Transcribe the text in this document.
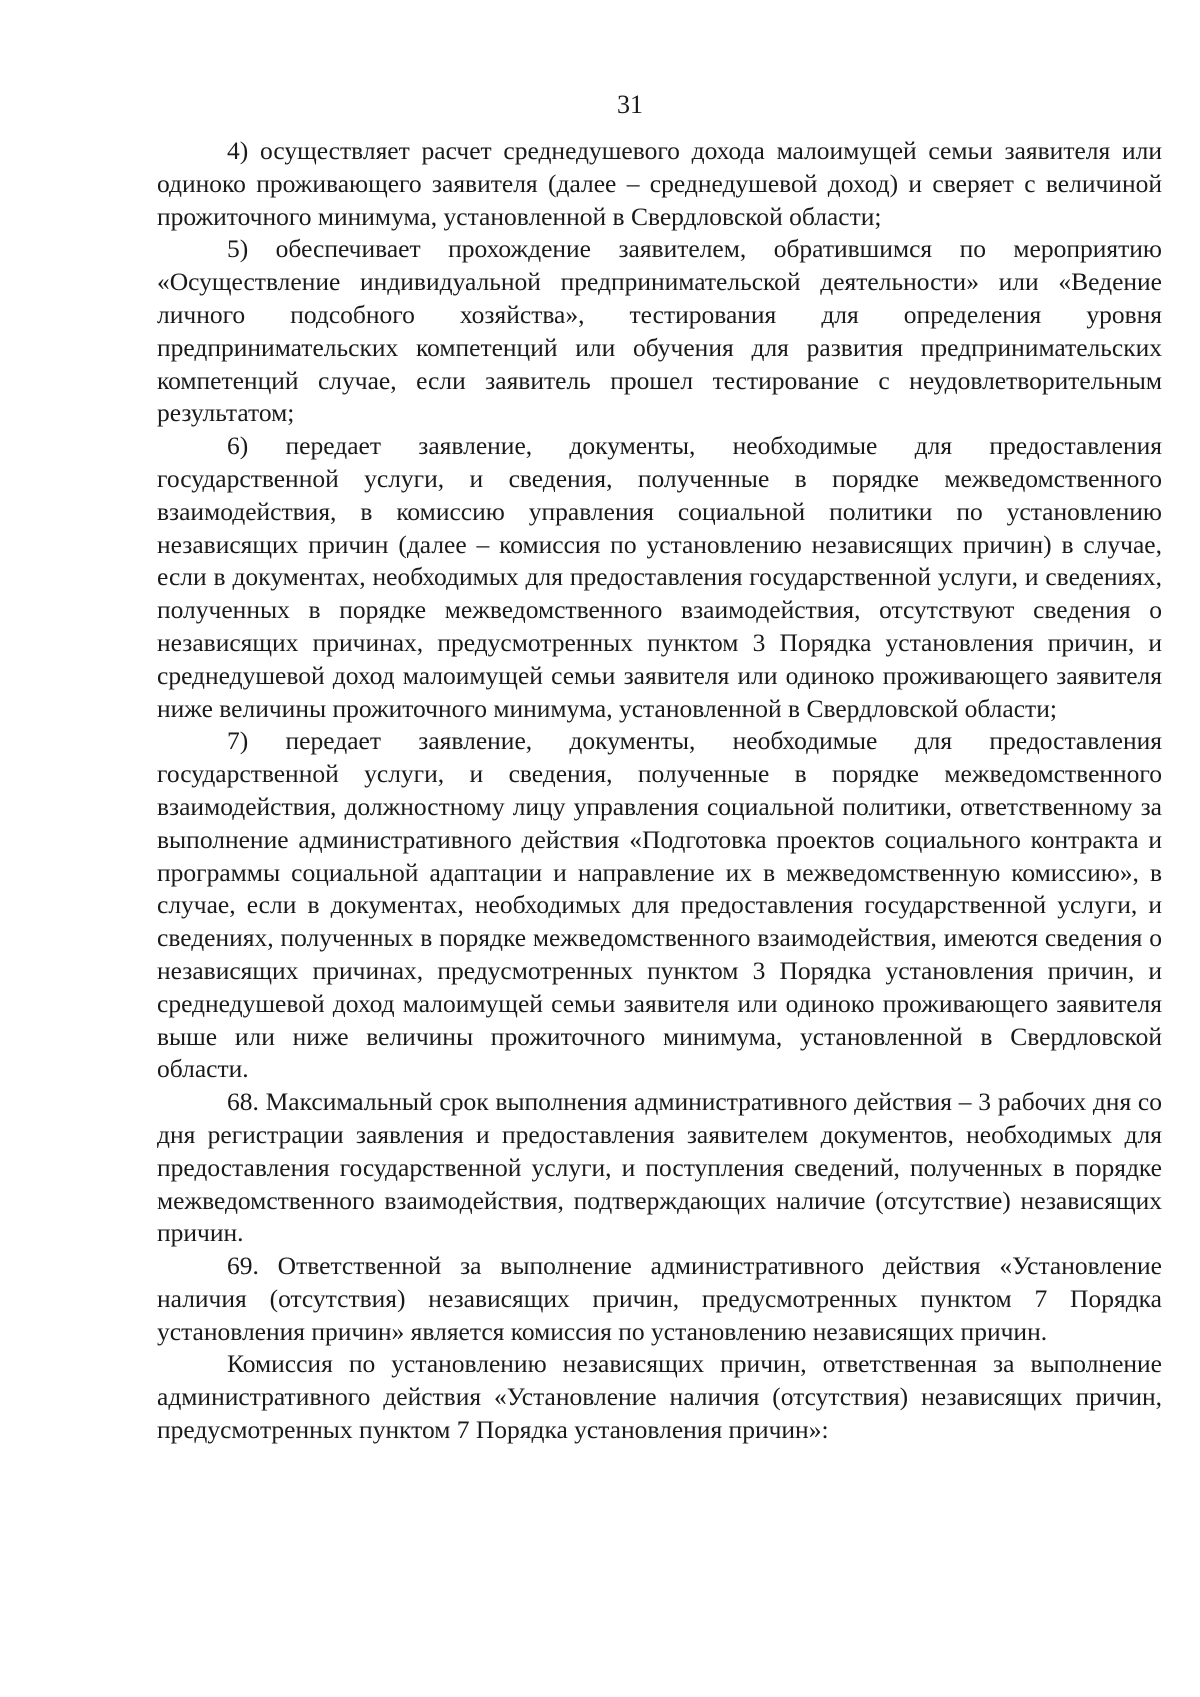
31

4) осуществляет расчет среднедушевого дохода малоимущей семьи заявителя или одиноко проживающего заявителя (далее – среднедушевой доход) и сверяет с величиной прожиточного минимума, установленной в Свердловской области;

5) обеспечивает прохождение заявителем, обратившимся по мероприятию «Осуществление индивидуальной предпринимательской деятельности» или «Ведение личного подсобного хозяйства», тестирования для определения уровня предпринимательских компетенций или обучения для развития предпринимательских компетенций случае, если заявитель прошел тестирование с неудовлетворительным результатом;

6) передает заявление, документы, необходимые для предоставления государственной услуги, и сведения, полученные в порядке межведомственного взаимодействия, в комиссию управления социальной политики по установлению независящих причин (далее – комиссия по установлению независящих причин) в случае, если в документах, необходимых для предоставления государственной услуги, и сведениях, полученных в порядке межведомственного взаимодействия, отсутствуют сведения о независящих причинах, предусмотренных пунктом 3 Порядка установления причин, и среднедушевой доход малоимущей семьи заявителя или одиноко проживающего заявителя ниже величины прожиточного минимума, установленной в Свердловской области;

7) передает заявление, документы, необходимые для предоставления государственной услуги, и сведения, полученные в порядке межведомственного взаимодействия, должностному лицу управления социальной политики, ответственному за выполнение административного действия «Подготовка проектов социального контракта и программы социальной адаптации и направление их в межведомственную комиссию», в случае, если в документах, необходимых для предоставления государственной услуги, и сведениях, полученных в порядке межведомственного взаимодействия, имеются сведения о независящих причинах, предусмотренных пунктом 3 Порядка установления причин, и среднедушевой доход малоимущей семьи заявителя или одиноко проживающего заявителя выше или ниже величины прожиточного минимума, установленной в Свердловской области.

68. Максимальный срок выполнения административного действия – 3 рабочих дня со дня регистрации заявления и предоставления заявителем документов, необходимых для предоставления государственной услуги, и поступления сведений, полученных в порядке межведомственного взаимодействия, подтверждающих наличие (отсутствие) независящих причин.

69. Ответственной за выполнение административного действия «Установление наличия (отсутствия) независящих причин, предусмотренных пунктом 7 Порядка установления причин» является комиссия по установлению независящих причин.

Комиссия по установлению независящих причин, ответственная за выполнение административного действия «Установление наличия (отсутствия) независящих причин, предусмотренных пунктом 7 Порядка установления причин»:
